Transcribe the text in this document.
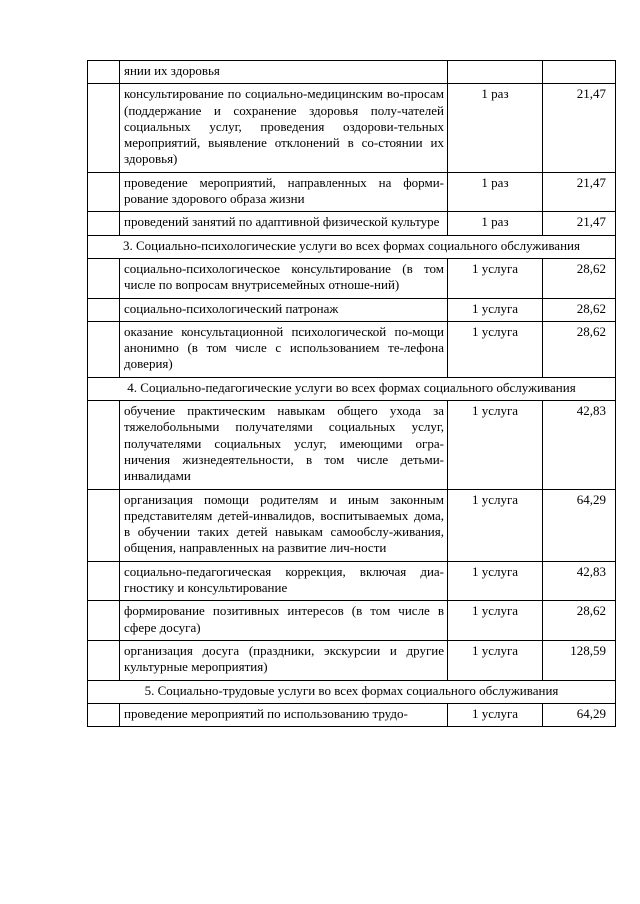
	янии их здоровья		
	консультирование по социально-медицинским во-просам (поддержание и сохранение здоровья полу-чателей социальных услуг, проведения оздорови-тельных мероприятий, выявление отклонений в со-стоянии их здоровья)	1 раз	21,47
	проведение мероприятий, направленных на форми-рование здорового образа жизни	1 раз	21,47
	проведений занятий по адаптивной физической культуре	1 раз	21,47
3. Социально-психологические услуги во всех формах социального обслуживания			
	социально-психологическое консультирование (в том числе по вопросам внутрисемейных отноше-ний)	1 услуга	28,62
	социально-психологический патронаж	1 услуга	28,62
	оказание консультационной психологической по-мощи анонимно (в том числе с использованием те-лефона доверия)	1 услуга	28,62
4. Социально-педагогические услуги во всех формах социального обслуживания			
	обучение практическим навыкам общего ухода за тяжелобольными получателями социальных услуг, получателями социальных услуг, имеющими огра-ничения жизнедеятельности, в том числе детьми-инвалидами	1 услуга	42,83
	организация помощи родителям и иным законным представителям детей-инвалидов, воспитываемых дома, в обучении таких детей навыкам самообслу-живания, общения, направленных на развитие лич-ности	1 услуга	64,29
	социально-педагогическая коррекция, включая диа-гностику и консультирование	1 услуга	42,83
	формирование позитивных интересов (в том числе в сфере досуга)	1 услуга	28,62
	организация досуга (праздники, экскурсии и другие культурные мероприятия)	1 услуга	128,59
5. Социально-трудовые услуги во всех формах социального обслуживания			
	проведение мероприятий по использованию трудо-	1 услуга	64,29
